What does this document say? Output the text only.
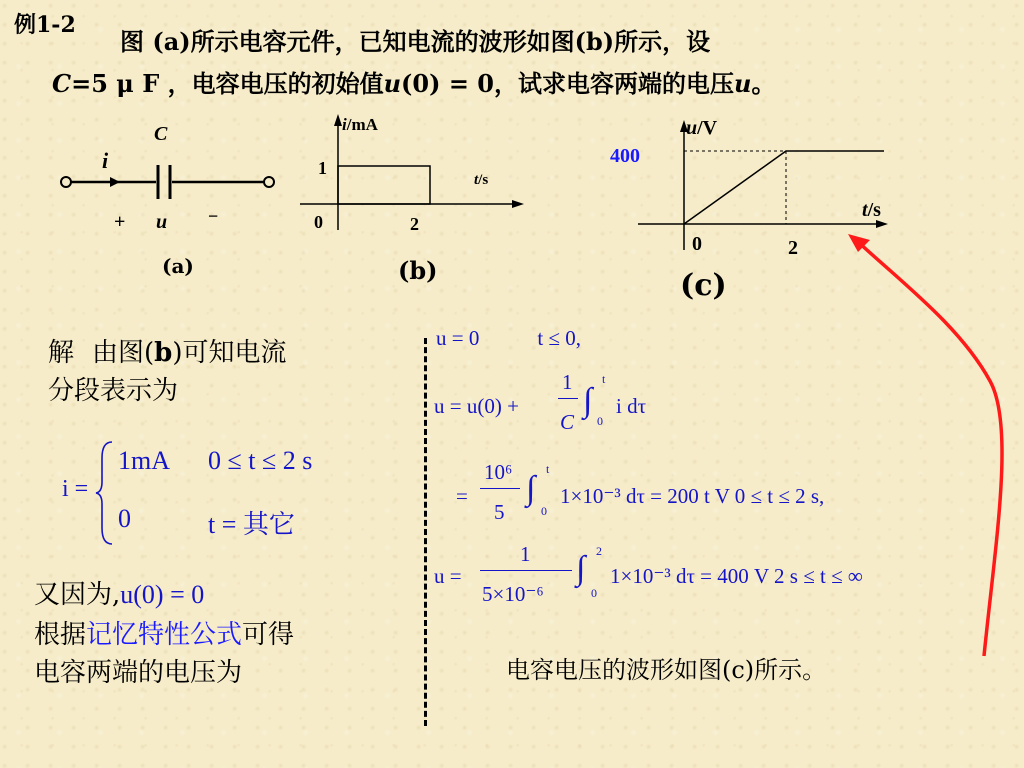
例1-2
图 (a)所示电容元件，已知电流的波形如图(b)所示，设
C=5 μ F ，电容电压的初始值u(0) = 0，试求电容两端的电压u。
C
i
+ u −
(a)
i/mA
t/s
1
0	2
(b)
u/V
t/s
400
0	2
(c)
解 由图(b)可知电流
分段表示为
i =
1mA 0 ≤ t ≤ 2 s
0	t = 其它
又因为,u(0) = 0
根据记忆特性公式可得
电容两端的电压为
u = 0	t ≤ 0,
u = u(0) +
1
C
∫
t
0
i dτ
=
10⁶
5
∫
t
0
1×10⁻³ dτ = 200 t V 0 ≤ t ≤ 2 s,
u =
1
5×10⁻⁶
∫ 2
0
1×10⁻³ dτ = 400 V 2 s ≤ t ≤ ∞
电容电压的波形如图(c)所示。
